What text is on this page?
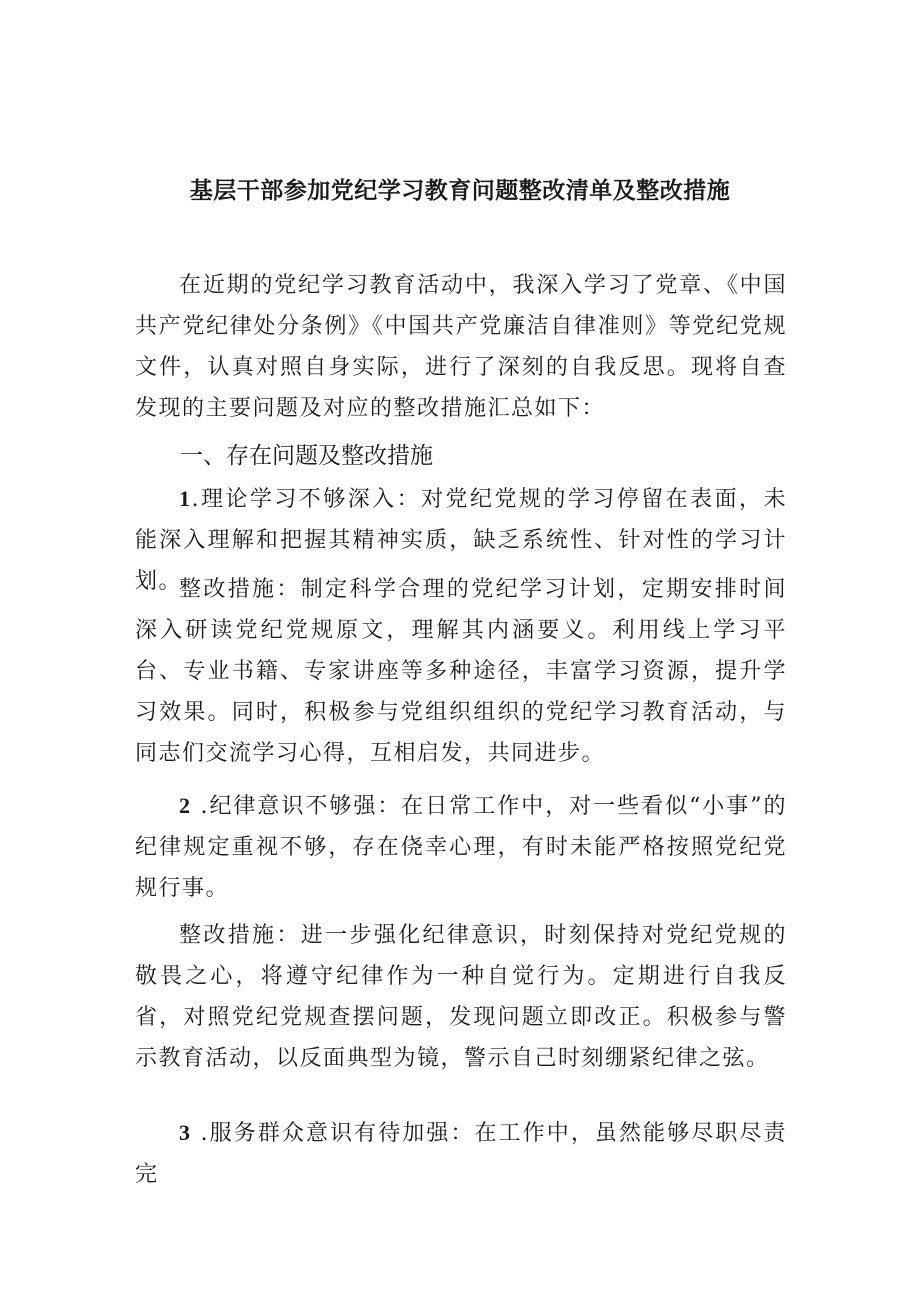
基层干部参加党纪学习教育问题整改清单及整改措施

在近期的党纪学习教育活动中，我深入学习了党章、《中国共产党纪律处分条例》《中国共产党廉洁自律准则》等党纪党规文件，认真对照自身实际，进行了深刻的自我反思。现将自查发现的主要问题及对应的整改措施汇总如下：

一、存在问题及整改措施

1.理论学习不够深入：对党纪党规的学习停留在表面，未能深入理解和把握其精神实质，缺乏系统性、针对性的学习计划。

整改措施：制定科学合理的党纪学习计划，定期安排时间深入研读党纪党规原文，理解其内涵要义。利用线上学习平台、专业书籍、专家讲座等多种途径，丰富学习资源，提升学习效果。同时，积极参与党组织组织的党纪学习教育活动，与同志们交流学习心得，互相启发，共同进步。

2 .纪律意识不够强：在日常工作中，对一些看似“小事”的纪律规定重视不够，存在侥幸心理，有时未能严格按照党纪党规行事。

整改措施：进一步强化纪律意识，时刻保持对党纪党规的敬畏之心，将遵守纪律作为一种自觉行为。定期进行自我反省，对照党纪党规查摆问题，发现问题立即改正。积极参与警示教育活动，以反面典型为镜，警示自己时刻绷紧纪律之弦。

3 .服务群众意识有待加强：在工作中，虽然能够尽职尽责完
